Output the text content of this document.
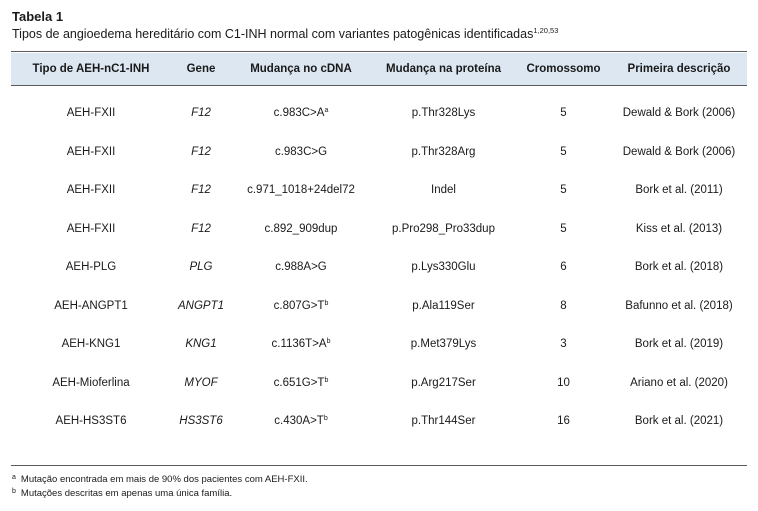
Tabela 1
Tipos de angioedema hereditário com C1-INH normal com variantes patogênicas identificadas$^{1,20,53}$
Tipo de AEH-nC1-INH	Gene	Mudança no cDNA	Mudança na proteína	Cromossomo	Primeira descrição
AEH-FXII	F12	$c.983C>A^a$	p.Thr328Lys	5	Dewald & Bork (2006)
AEH-FXII	F12	c.983C>G	p.Thr328Arg	5	Dewald & Bork (2006)
AEH-FXII	F12	c.971_1018+24del72	Indel	5	Bork et al. (2011)
AEH-FXII	F12	c.892_909dup	p.Pro298_Pro33dup	5	Kiss et al. (2013)
AEH-PLG	PLG	c.988A>G	p.Lys330Glu	6	Bork et al. (2018)
AEH-ANGPT1	ANGPT1	$c.807G>T^b$	p.Ala119Ser	8	Bafunno et al. (2018)
AEH-KNG1	KNG1	$c.1136T>A^b$	p.Met379Lys	3	Bork et al. (2019)
AEH-Mioferlina	MYOF	$c.651G>T^b$	p.Arg217Ser	10	Ariano et al. (2020)
AEH-HS3ST6	HS3ST6	$c.430A>T^b$	p.Thr144Ser	16	Bork et al. (2021)
$^a$ Mutação encontrada em mais de 90% dos pacientes com AEH-FXII.
$^b$ Mutações descritas em apenas uma única família.
